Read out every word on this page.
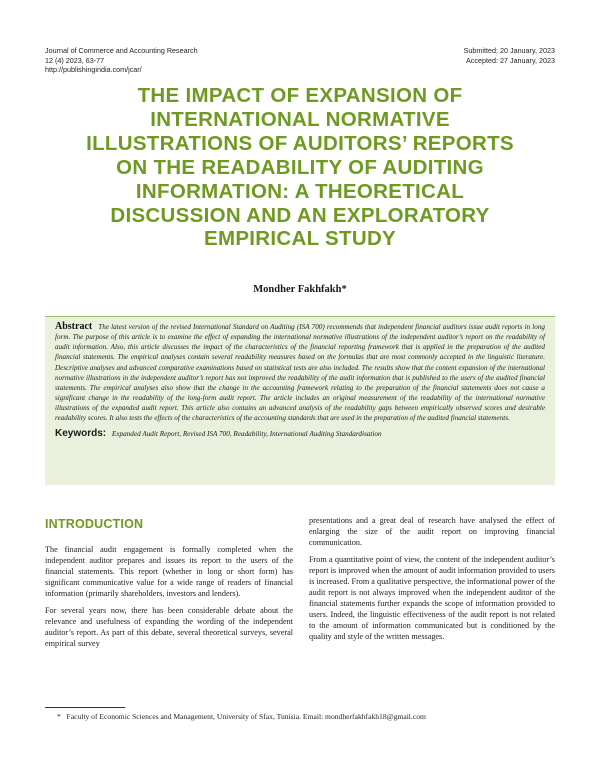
Journal of Commerce and Accounting Research
12 (4) 2023, 63-77
http://publishingindia.com/jcar/
Submitted: 20 January, 2023
Accepted: 27 January, 2023
THE IMPACT OF EXPANSION OF
INTERNATIONAL NORMATIVE
ILLUSTRATIONS OF AUDITORS’ REPORTS
ON THE READABILITY OF AUDITING
INFORMATION: A THEORETICAL
DISCUSSION AND AN EXPLORATORY
EMPIRICAL STUDY
Mondher Fakhfakh*
Abstract The latest version of the revised International Standard on Auditing (ISA 700) recommends that independent financial auditors issue audit reports in long form. The purpose of this article is to examine the effect of expanding the international normative illustrations of the independent auditor’s report on the readability of audit information. Also, this article discusses the impact of the characteristics of the financial reporting framework that is applied in the preparation of the audited financial statements. The empirical analyses contain several readability measures based on the formulas that are most commonly accepted in the linguistic literature. Descriptive analyses and advanced comparative examinations based on statistical tests are also included. The results show that the content expansion of the international normative illustrations in the independent auditor’s report has not improved the readability of the audit information that is published to the users of the audited financial statements. The empirical analyses also show that the change in the accounting framework relating to the preparation of the financial statements does not cause a significant change in the readability of the long-form audit report. The article includes an original measurement of the readability of the international normative illustrations of the expanded audit report. This article also contains an advanced analysis of the readability gaps between empirically observed scores and desirable readability scores. It also tests the effects of the characteristics of the accounting standards that are used in the preparation of the audited financial statements.
Keywords: Expanded Audit Report, Revised ISA 700, Readability, International Auditing Standardisation
INTRODUCTION

The financial audit engagement is formally completed when the independent auditor prepares and issues its report to the users of the financial statements. This report (whether in long or short form) has significant communicative value for a wide range of readers of financial information (primarily shareholders, investors and lenders).

For several years now, there has been considerable debate about the relevance and usefulness of expanding the wording of the independent auditor’s report. As part of this debate, several theoretical surveys, several empirical survey

presentations and a great deal of research have analysed the effect of enlarging the size of the audit report on improving financial communication.

From a quantitative point of view, the content of the independent auditor’s report is improved when the amount of audit information provided to users is increased. From a qualitative perspective, the informational power of the audit report is not always improved when the independent auditor of the financial statements further expands the scope of information provided to users. Indeed, the linguistic effectiveness of the audit report is not related to the amount of information communicated but is conditioned by the quality and style of the written messages.

* Faculty of Economic Sciences and Management, University of Sfax, Tunisia. Email: mondherfakhfakh18@gmail.com
